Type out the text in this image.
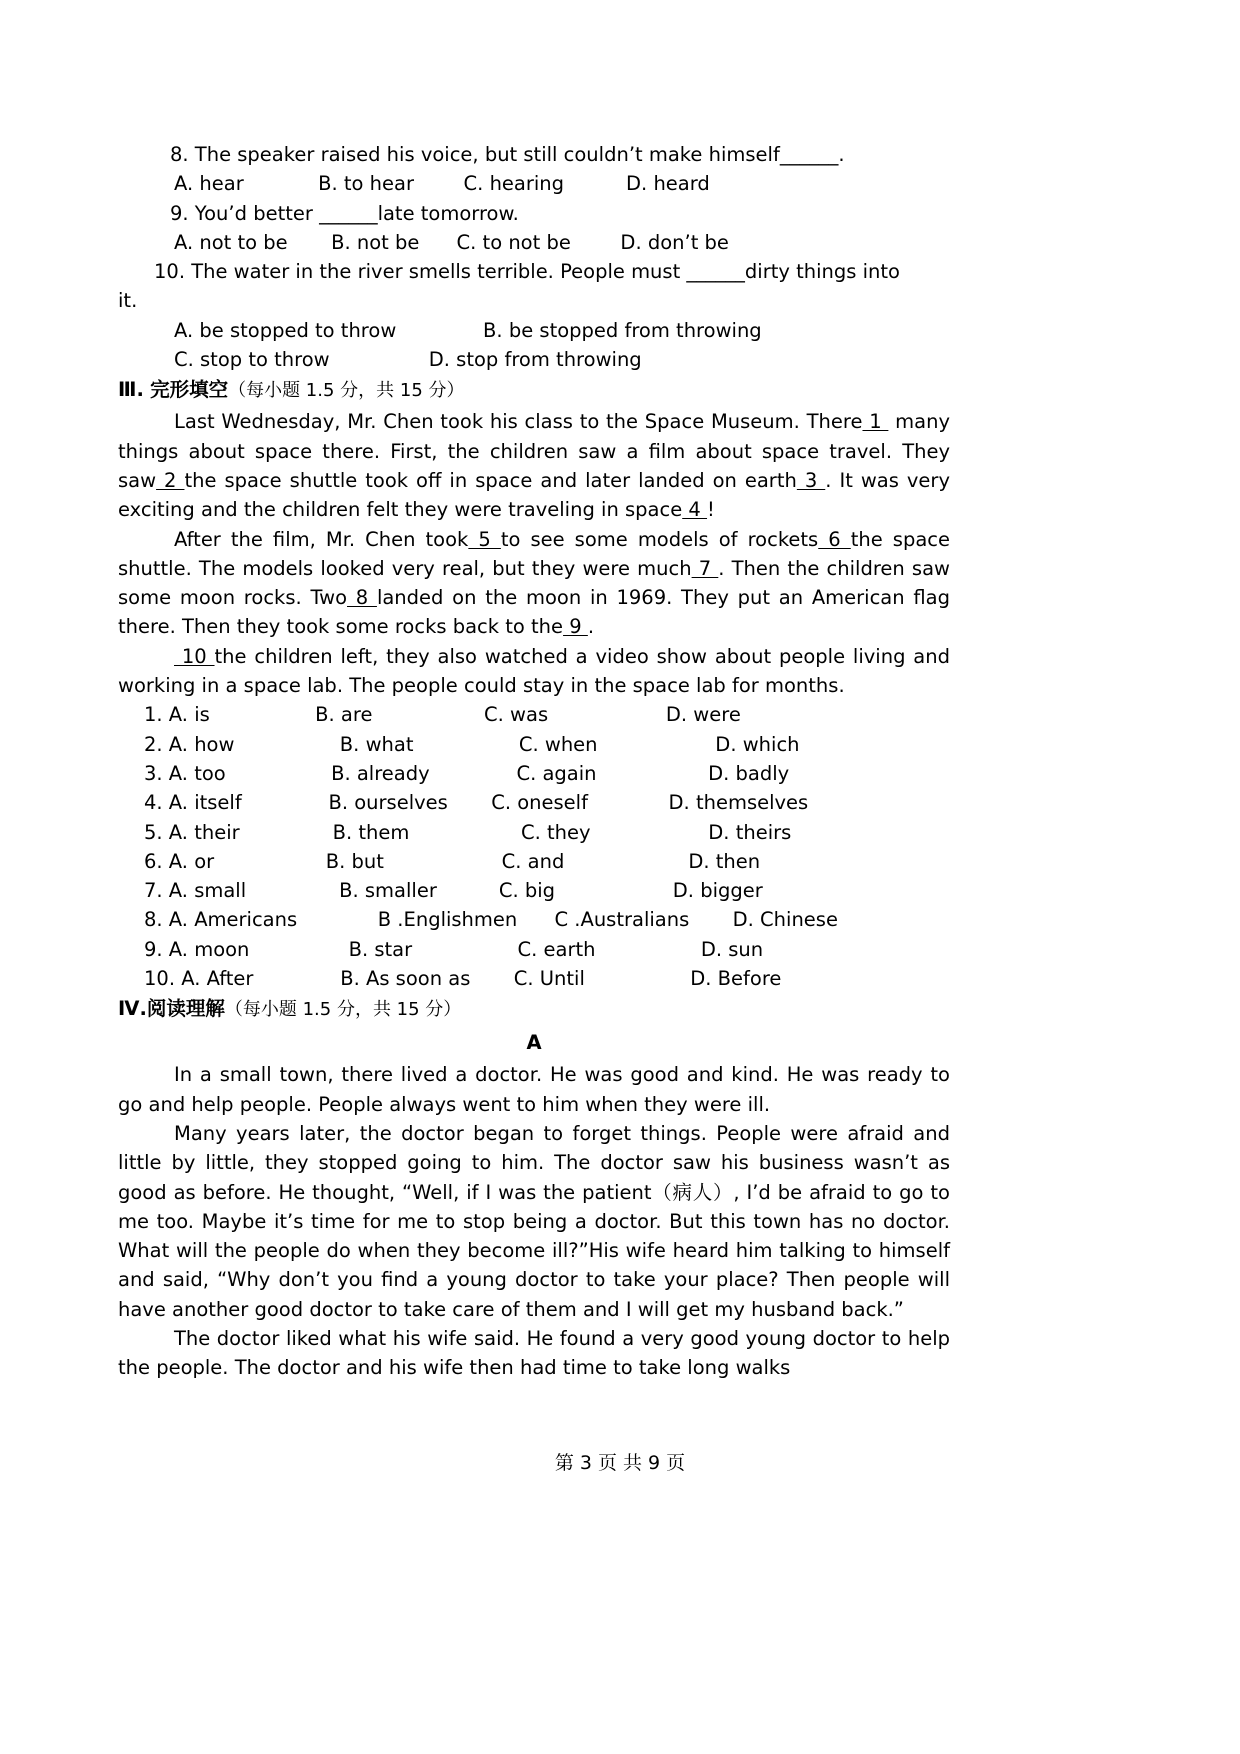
8. The speaker raised his voice, but still couldn’t make himself______.

A. hear            B. to hear        C. hearing          D. heard

9. You’d better ______late tomorrow.

A. not to be       B. not be      C. to not be        D. don’t be

10. The water in the river smells terrible. People must ______dirty things into

it.

A. be stopped to throw              B. be stopped from throwing

C. stop to throw                D. stop from throwing

Ⅲ. 完形填空（每小题 1.5 分，共 15 分）

Last Wednesday, Mr. Chen took his class to the Space Museum. There 1  many things about space there. First, the children saw a film about space travel. They saw 2 the space shuttle took off in space and later landed on earth 3 . It was very exciting and the children felt they were traveling in space 4 !

After the film, Mr. Chen took 5 to see some models of rockets 6 the space shuttle. The models looked very real, but they were much 7 . Then the children saw some moon rocks. Two 8 landed on the moon in 1969. They put an American flag there. Then they took some rocks back to the 9 .

10 the children left, they also watched a video show about people living and working in a space lab. The people could stay in the space lab for months.

1. A. is                 B. are                  C. was                   D. were
2. A. how                 B. what                 C. when                   D. which
3. A. too                 B. already              C. again                  D. badly
4. A. itself              B. ourselves       C. oneself             D. themselves
5. A. their               B. them                  C. they                   D. theirs
6. A. or                  B. but                   C. and                    D. then
7. A. small               B. smaller          C. big                   D. bigger
8. A. Americans             B .Englishmen      C .Australians       D. Chinese
9. A. moon                B. star                 C. earth                 D. sun
10. A. After              B. As soon as       C. Until                 D. Before

Ⅳ.阅读理解（每小题 1.5 分，共 15 分）

A

In a small town, there lived a doctor. He was good and kind. He was ready to go and help people. People always went to him when they were ill.

Many years later, the doctor began to forget things. People were afraid and little by little, they stopped going to him. The doctor saw his business wasn’t as good as before. He thought, “Well, if I was the patient（病人）, I’d be afraid to go to me too. Maybe it’s time for me to stop being a doctor. But this town has no doctor. What will the people do when they become ill?”His wife heard him talking to himself and said, “Why don’t you find a young doctor to take your place? Then people will have another good doctor to take care of them and I will get my husband back.”

The doctor liked what his wife said. He found a very good young doctor to help the people. The doctor and his wife then had time to take long walks

第 3 页 共 9 页
